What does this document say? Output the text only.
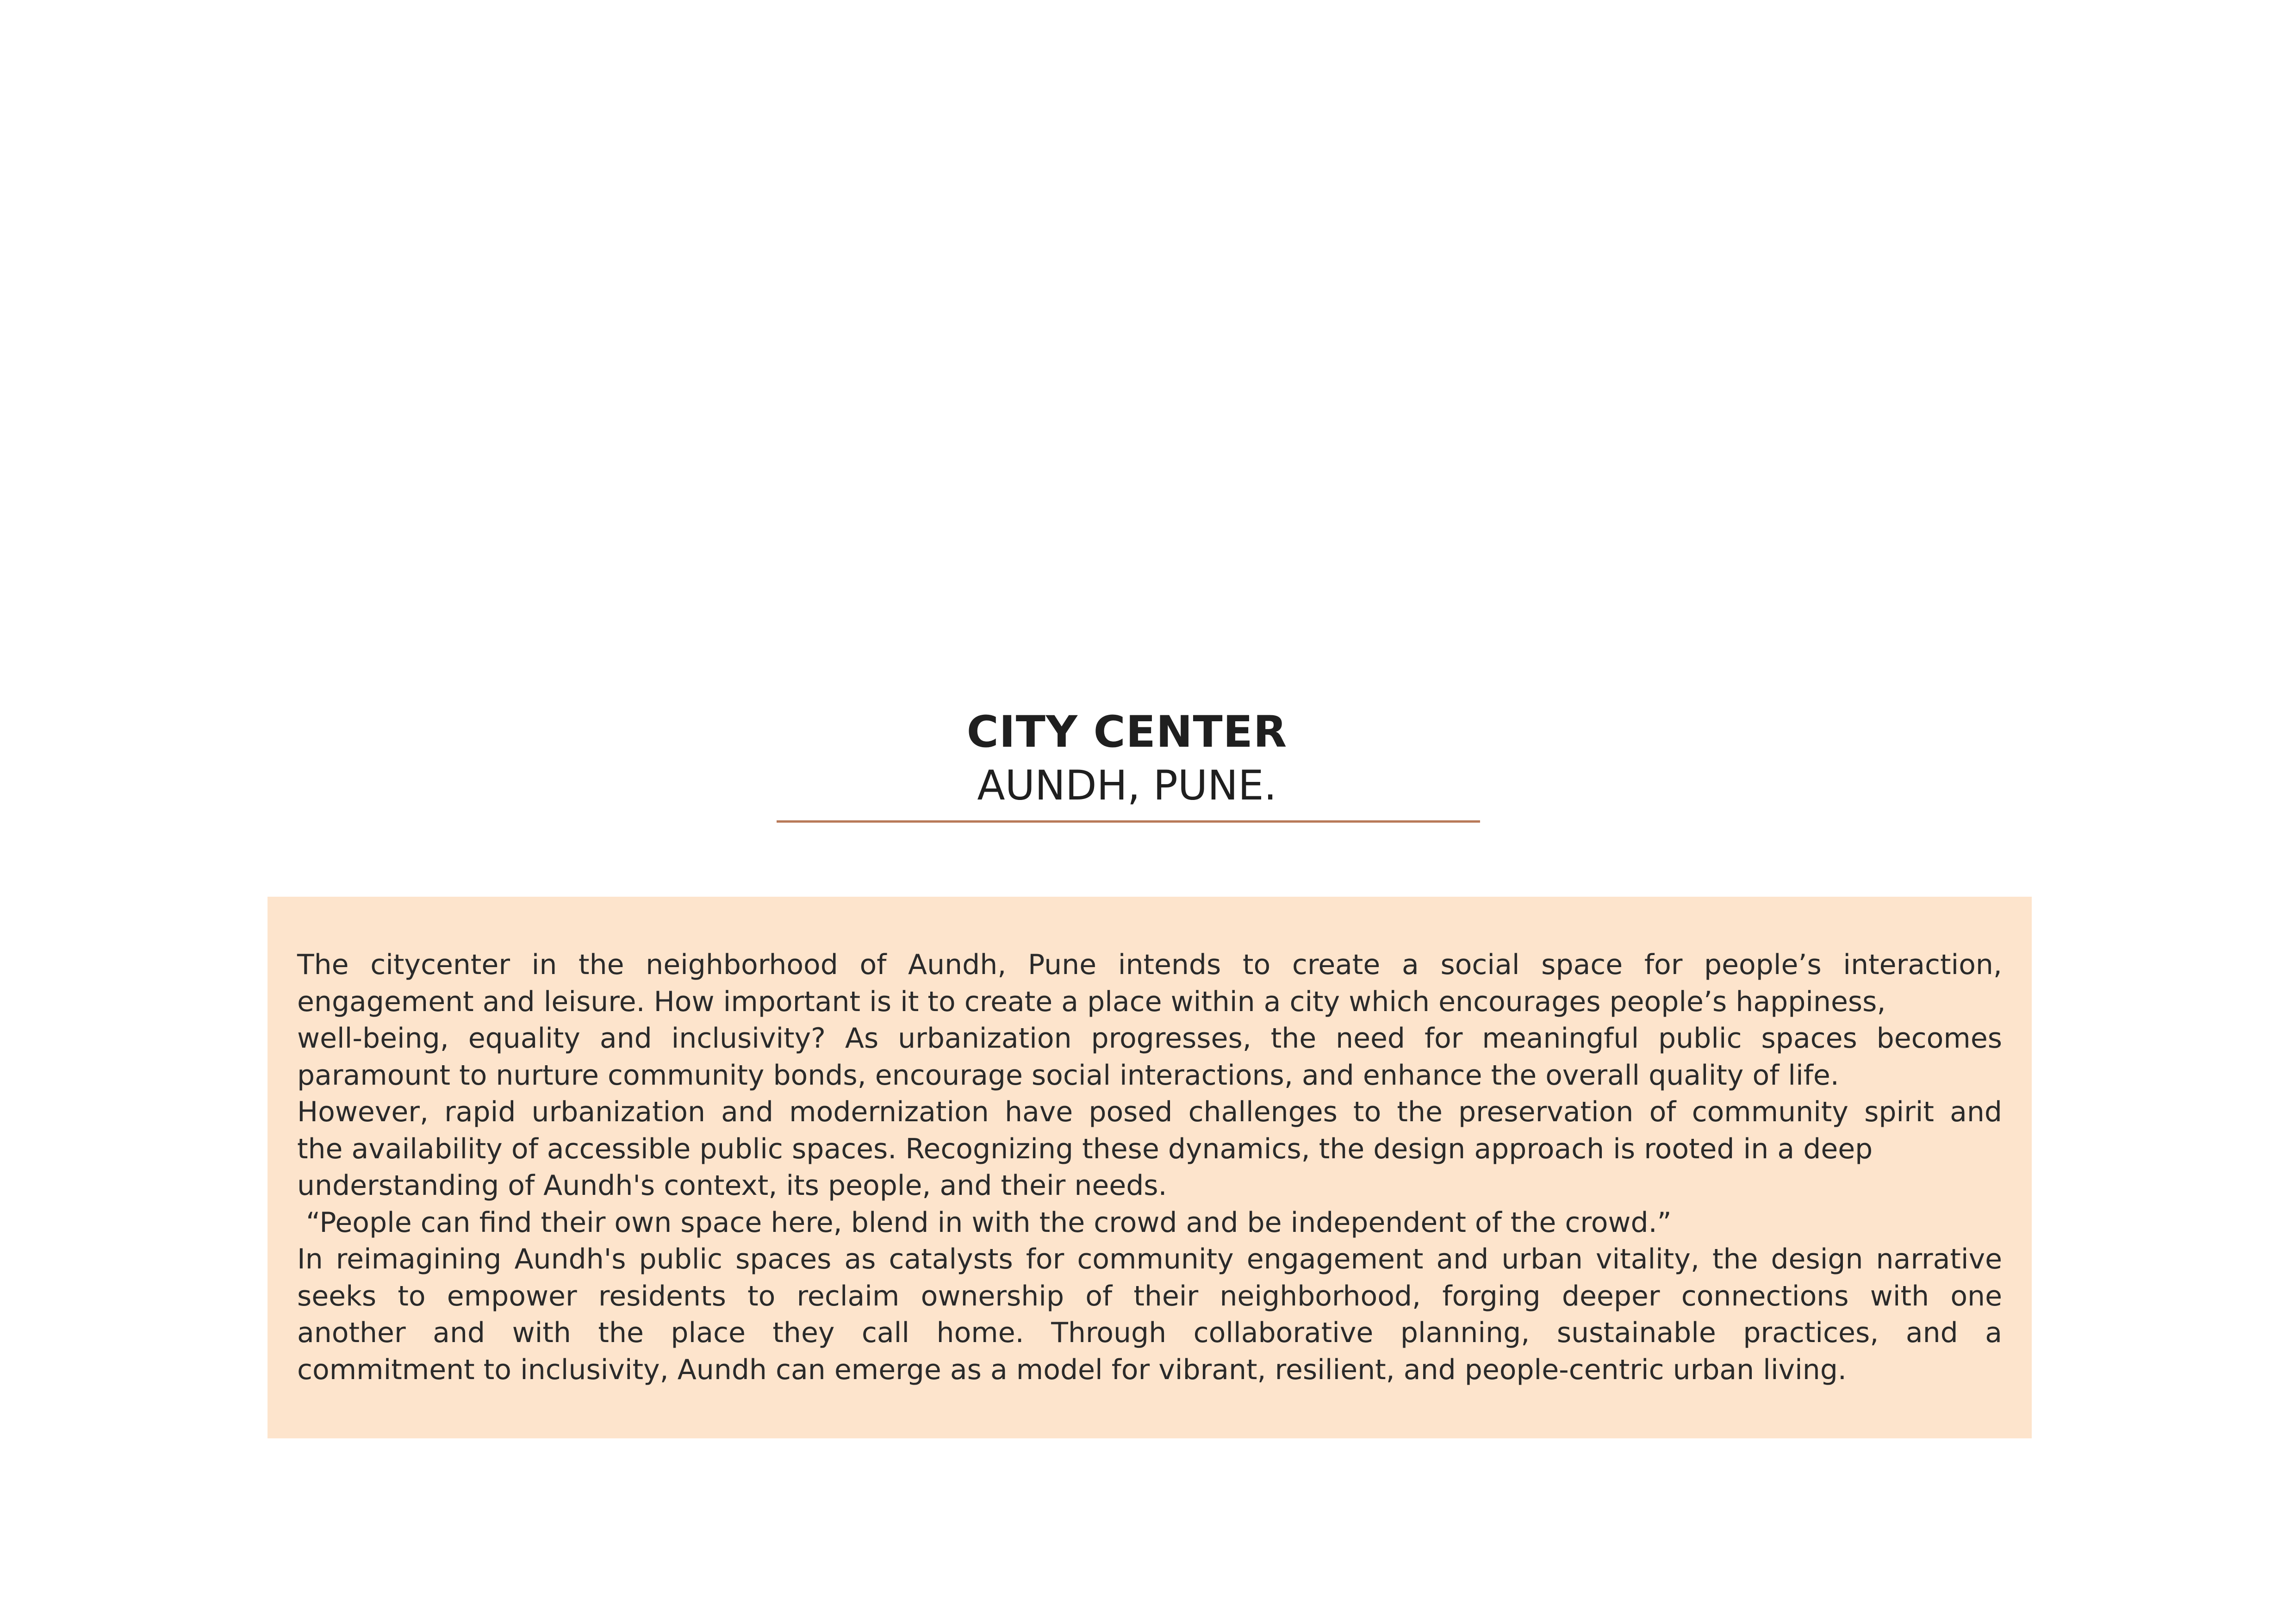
CITY CENTER
AUNDH, PUNE.

The citycenter in the neighborhood of Aundh, Pune intends to create a social space for people’s interaction,
engagement and leisure. How important is it to create a place within a city which encourages people’s happiness,
well-being, equality and inclusivity? As urbanization progresses, the need for meaningful public spaces becomes
paramount to nurture community bonds, encourage social interactions, and enhance the overall quality of life.
However, rapid urbanization and modernization have posed challenges to the preservation of community spirit and
the availability of accessible public spaces. Recognizing these dynamics, the design approach is rooted in a deep
understanding of Aundh's context, its people, and their needs.
“People can find their own space here, blend in with the crowd and be independent of the crowd.”
In reimagining Aundh's public spaces as catalysts for community engagement and urban vitality, the design narrative
seeks to empower residents to reclaim ownership of their neighborhood, forging deeper connections with one
another and with the place they call home. Through collaborative planning, sustainable practices, and a
commitment to inclusivity, Aundh can emerge as a model for vibrant, resilient, and people-centric urban living.
